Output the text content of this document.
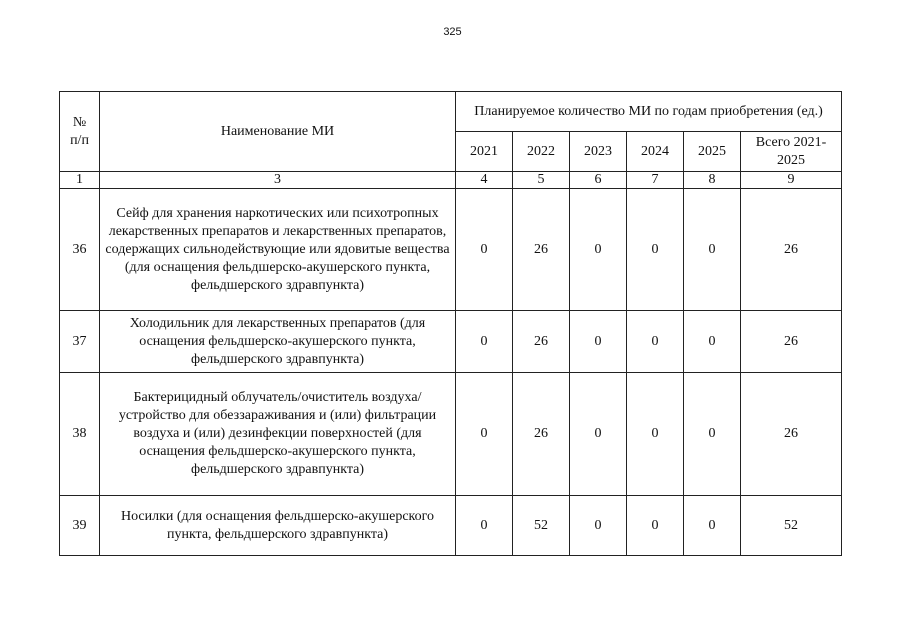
325
№
п/п	Наименование МИ	Планируемое количество МИ по годам приобретения (ед.)					
		2021	2022	2023	2024	2025	Всего 2021-2025
1	3	4	5	6	7	8	9
36	Сейф для хранения наркотических или психотропных лекарственных препаратов и лекарственных препаратов, содержащих сильнодействующие или ядовитые вещества (для оснащения фельдшерско-акушерского пункта, фельдшерского здравпункта)	0	26	0	0	0	26
37	Холодильник для лекарственных препаратов (для оснащения фельдшерско-акушерского пункта, фельдшерского здравпункта)	0	26	0	0	0	26
38	Бактерицидный облучатель/очиститель воздуха/устройство для обеззараживания и (или) фильтрации воздуха и (или) дезинфекции поверхностей (для оснащения фельдшерско-акушерского пункта, фельдшерского здравпункта)	0	26	0	0	0	26
39	Носилки (для оснащения фельдшерско-акушерского пункта, фельдшерского здравпункта)	0	52	0	0	0	52
